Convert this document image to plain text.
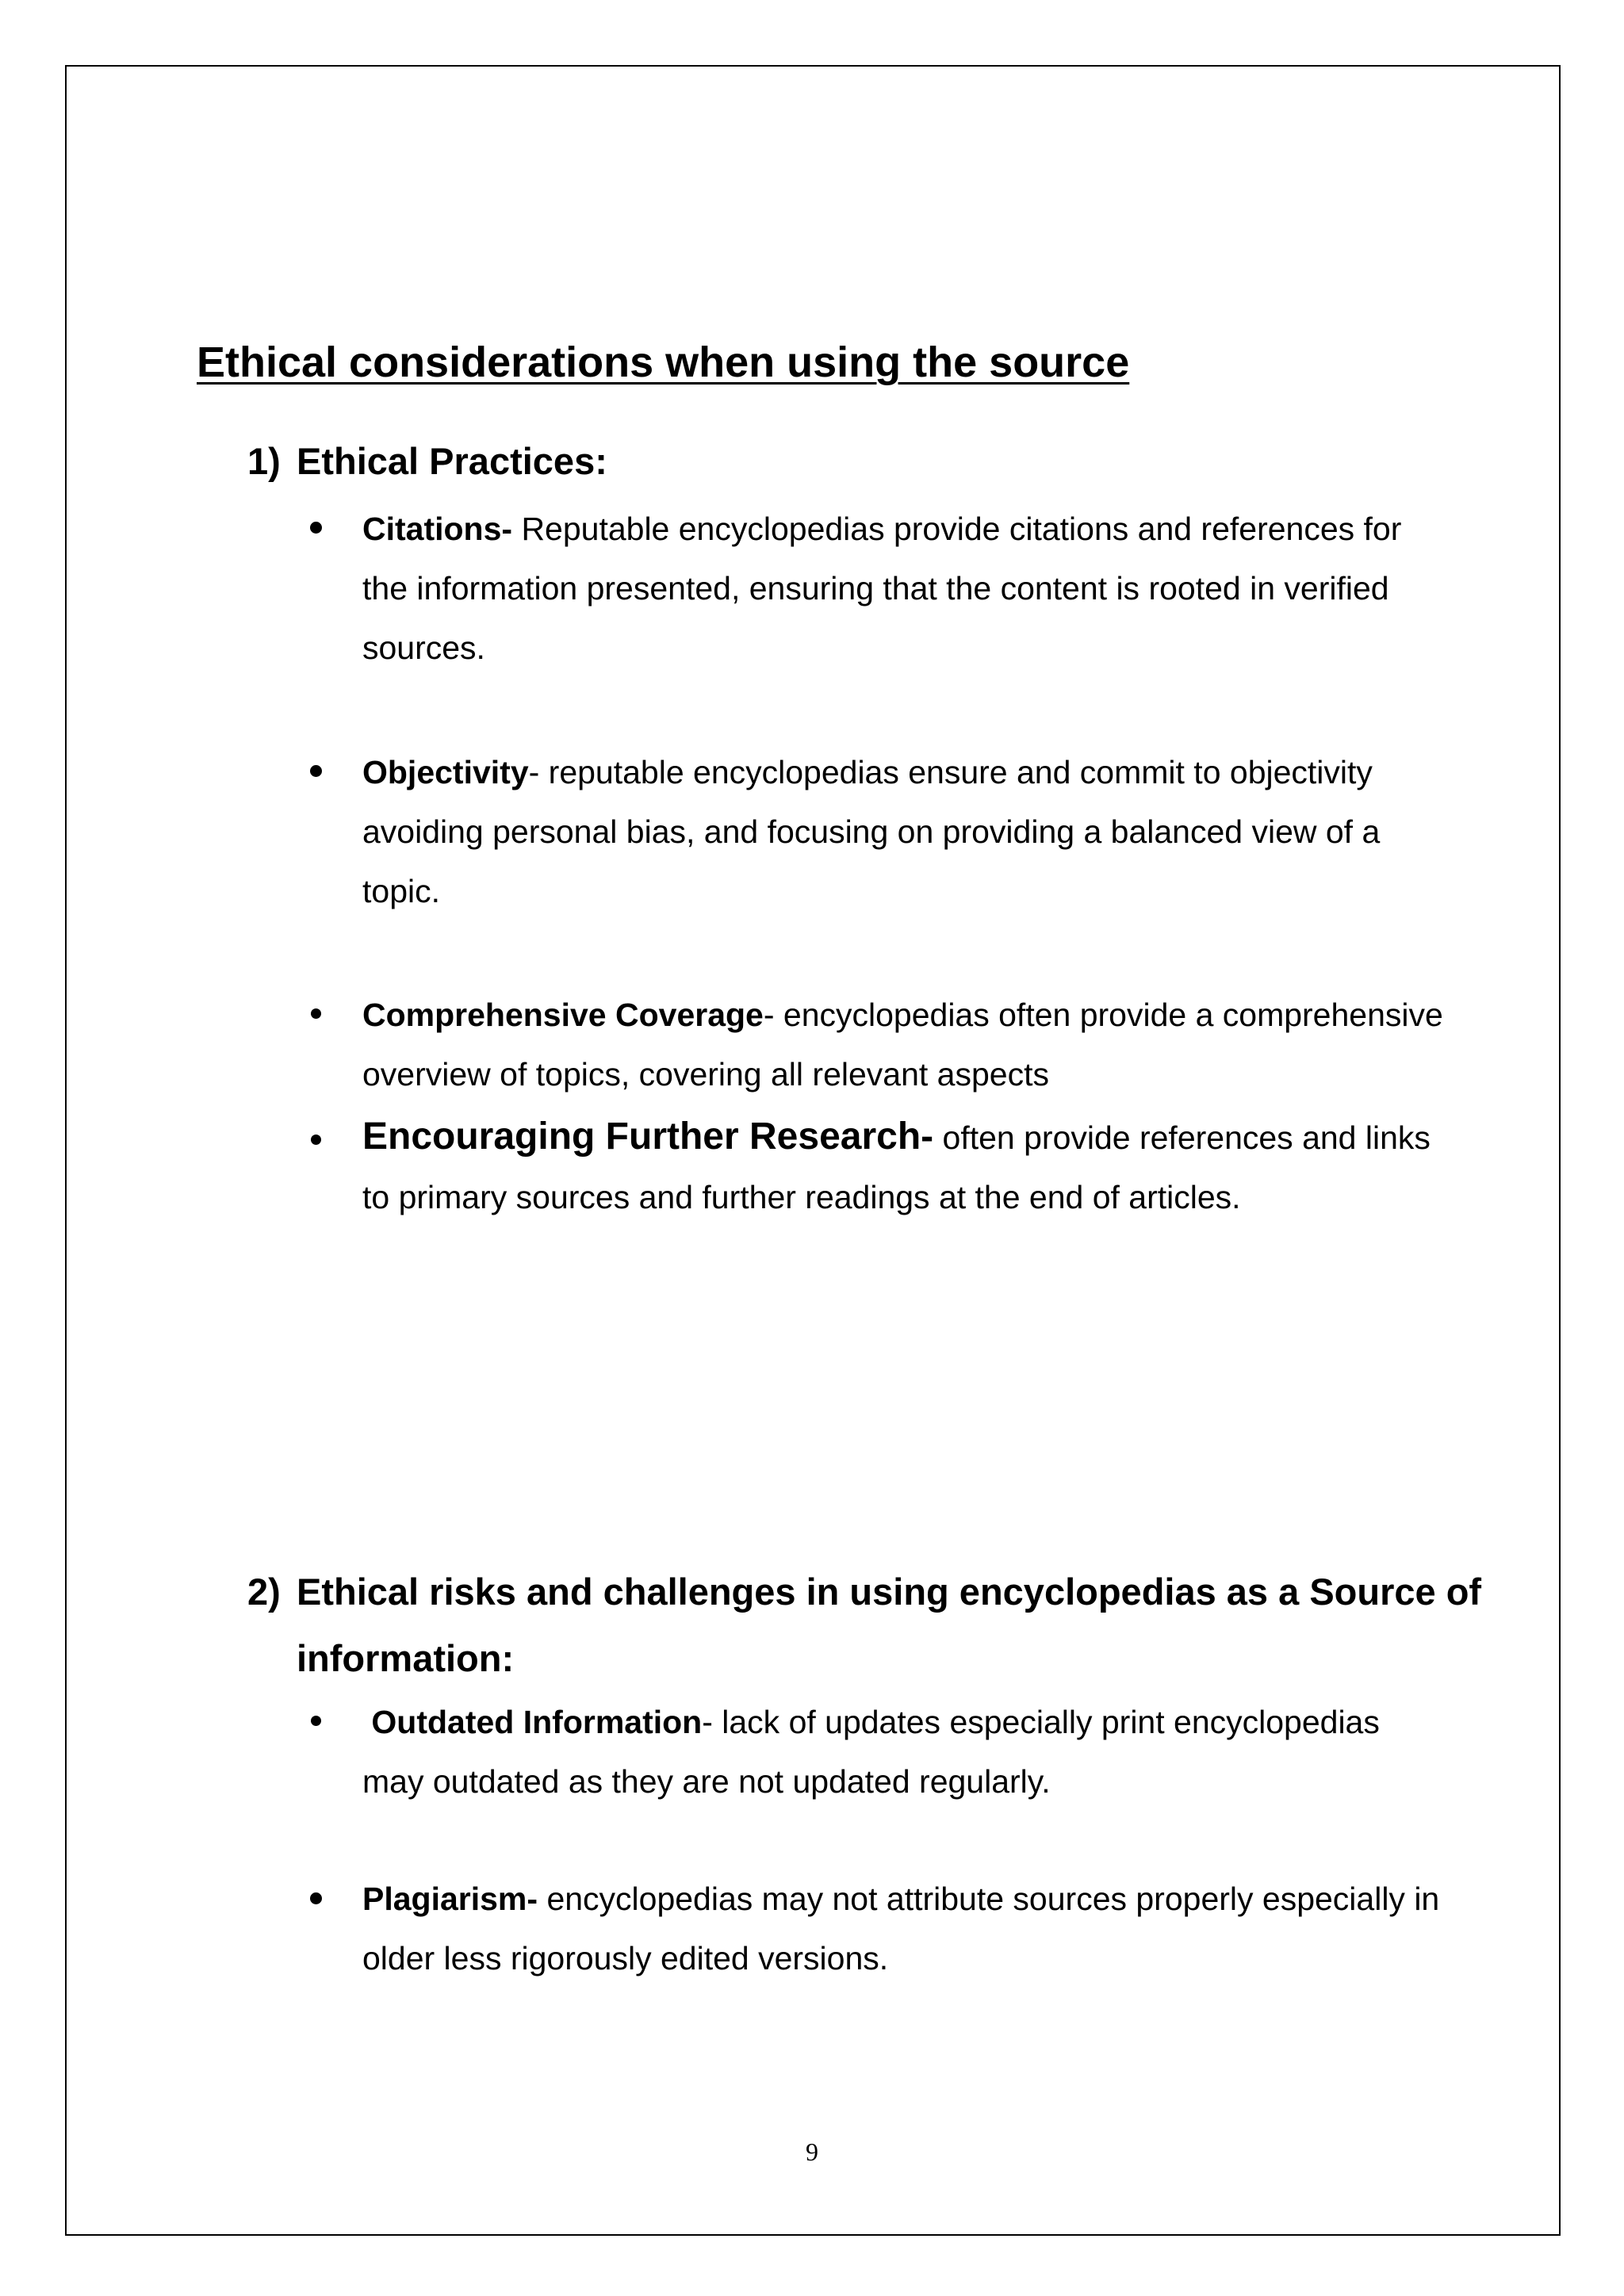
Ethical considerations when using the source
1) Ethical Practices:
Citations- Reputable encyclopedias provide citations and references for the information presented, ensuring that the content is rooted in verified sources.
Objectivity- reputable encyclopedias ensure and commit to objectivity avoiding personal bias, and focusing on providing a balanced view of a topic.
Comprehensive Coverage- encyclopedias often provide a comprehensive overview of topics, covering all relevant aspects
Encouraging Further Research- often provide references and links to primary sources and further readings at the end of articles.
2) Ethical risks and challenges in using encyclopedias as a Source of information:
Outdated Information- lack of updates especially print encyclopedias may outdated as they are not updated regularly.
Plagiarism- encyclopedias may not attribute sources properly especially in older less rigorously edited versions.
9
